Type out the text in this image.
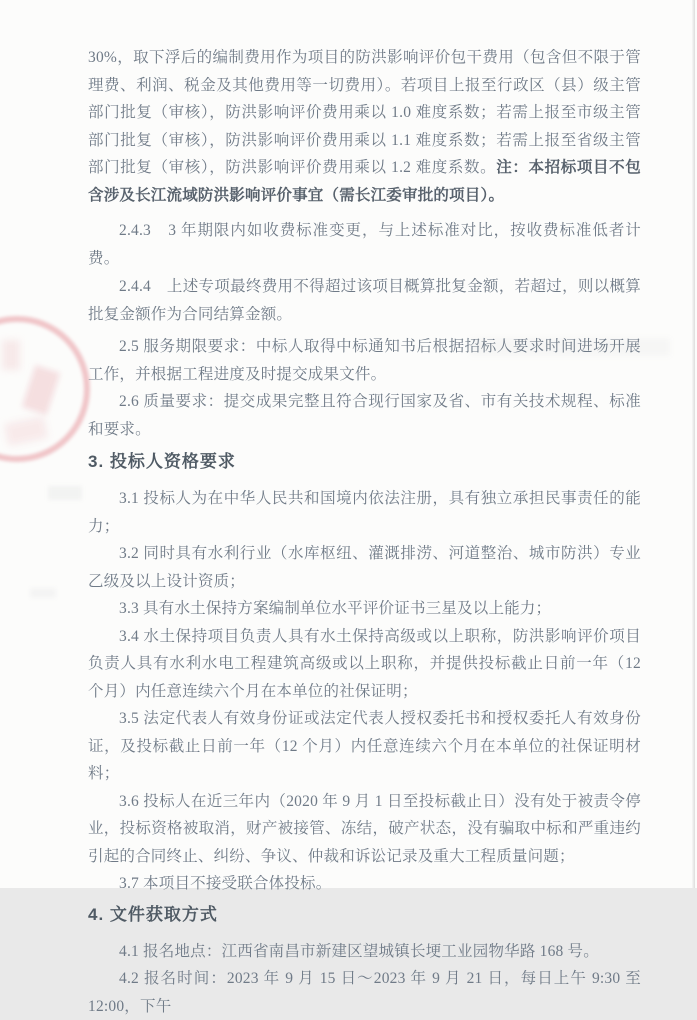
30%，取下浮后的编制费用作为项目的防洪影响评价包干费用（包含但不限于管理费、利润、税金及其他费用等一切费用）。若项目上报至行政区（县）级主管部门批复（审核），防洪影响评价费用乘以 1.0 难度系数；若需上报至市级主管部门批复（审核），防洪影响评价费用乘以 1.1 难度系数；若需上报至省级主管部门批复（审核），防洪影响评价费用乘以 1.2 难度系数。注：本招标项目不包含涉及长江流域防洪影响评价事宜（需长江委审批的项目）。

2.4.3　3 年期限内如收费标准变更，与上述标准对比，按收费标准低者计费。

2.4.4　上述专项最终费用不得超过该项目概算批复金额，若超过，则以概算批复金额作为合同结算金额。

2.5 服务期限要求：中标人取得中标通知书后根据招标人要求时间进场开展工作，并根据工程进度及时提交成果文件。

2.6 质量要求：提交成果完整且符合现行国家及省、市有关技术规程、标准和要求。

3. 投标人资格要求

3.1 投标人为在中华人民共和国境内依法注册，具有独立承担民事责任的能力；

3.2 同时具有水利行业（水库枢纽、灌溉排涝、河道整治、城市防洪）专业乙级及以上设计资质；

3.3 具有水土保持方案编制单位水平评价证书三星及以上能力；

3.4 水土保持项目负责人具有水土保持高级或以上职称，防洪影响评价项目负责人具有水利水电工程建筑高级或以上职称，并提供投标截止日前一年（12 个月）内任意连续六个月在本单位的社保证明；

3.5 法定代表人有效身份证或法定代表人授权委托书和授权委托人有效身份证，及投标截止日前一年（12 个月）内任意连续六个月在本单位的社保证明材料；

3.6 投标人在近三年内（2020 年 9 月 1 日至投标截止日）没有处于被责令停业，投标资格被取消，财产被接管、冻结，破产状态，没有骗取中标和严重违约引起的合同终止、纠纷、争议、仲裁和诉讼记录及重大工程质量问题；

3.7 本项目不接受联合体投标。

4. 文件获取方式

4.1 报名地点：江西省南昌市新建区望城镇长埂工业园物华路 168 号。

4.2 报名时间：2023 年 9 月 15 日～2023 年 9 月 21 日，每日上午 9:30 至 12:00，下午
